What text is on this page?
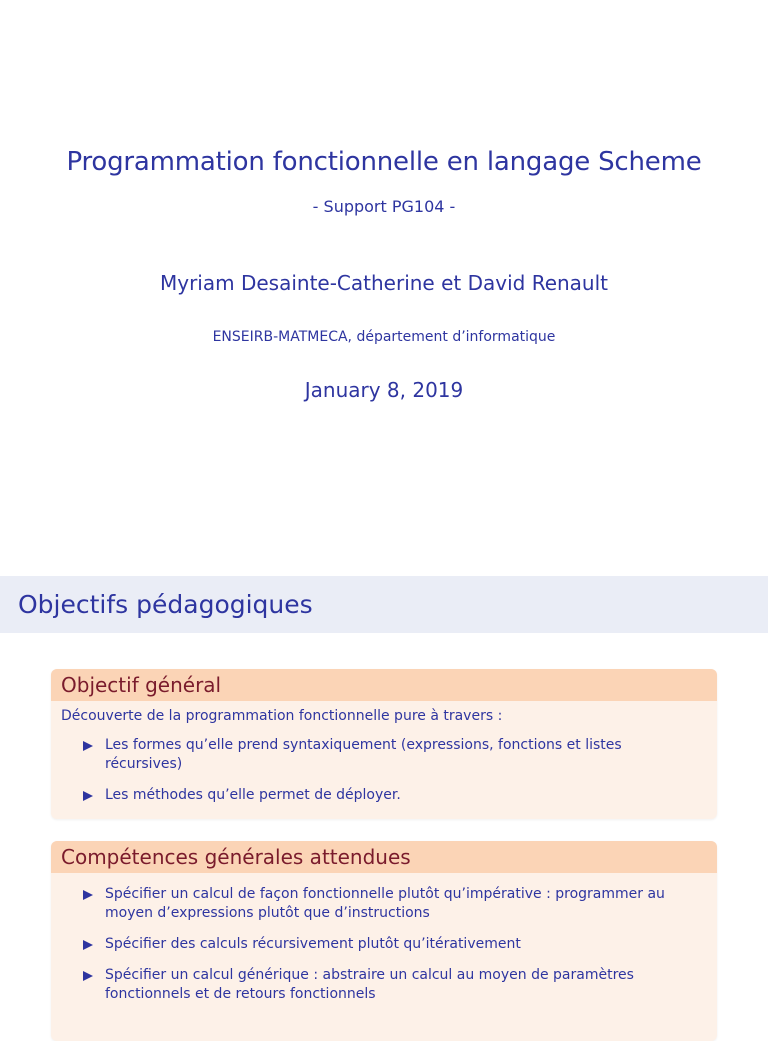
Programmation fonctionnelle en langage Scheme
- Support PG104 -
Myriam Desainte-Catherine et David Renault
ENSEIRB-MATMECA, département d’informatique
January 8, 2019
Objectifs pédagogiques
Objectif général

Découverte de la programmation fonctionnelle pure à travers :

Les formes qu’elle prend syntaxiquement (expressions, fonctions et listes récursives)
Les méthodes qu’elle permet de déployer.
Compétences générales attendues
Spécifier un calcul de façon fonctionnelle plutôt qu’impérative : programmer au moyen d’expressions plutôt que d’instructions
Spécifier des calculs récursivement plutôt qu’itérativement
Spécifier un calcul générique : abstraire un calcul au moyen de paramètres fonctionnels et de retours fonctionnels
